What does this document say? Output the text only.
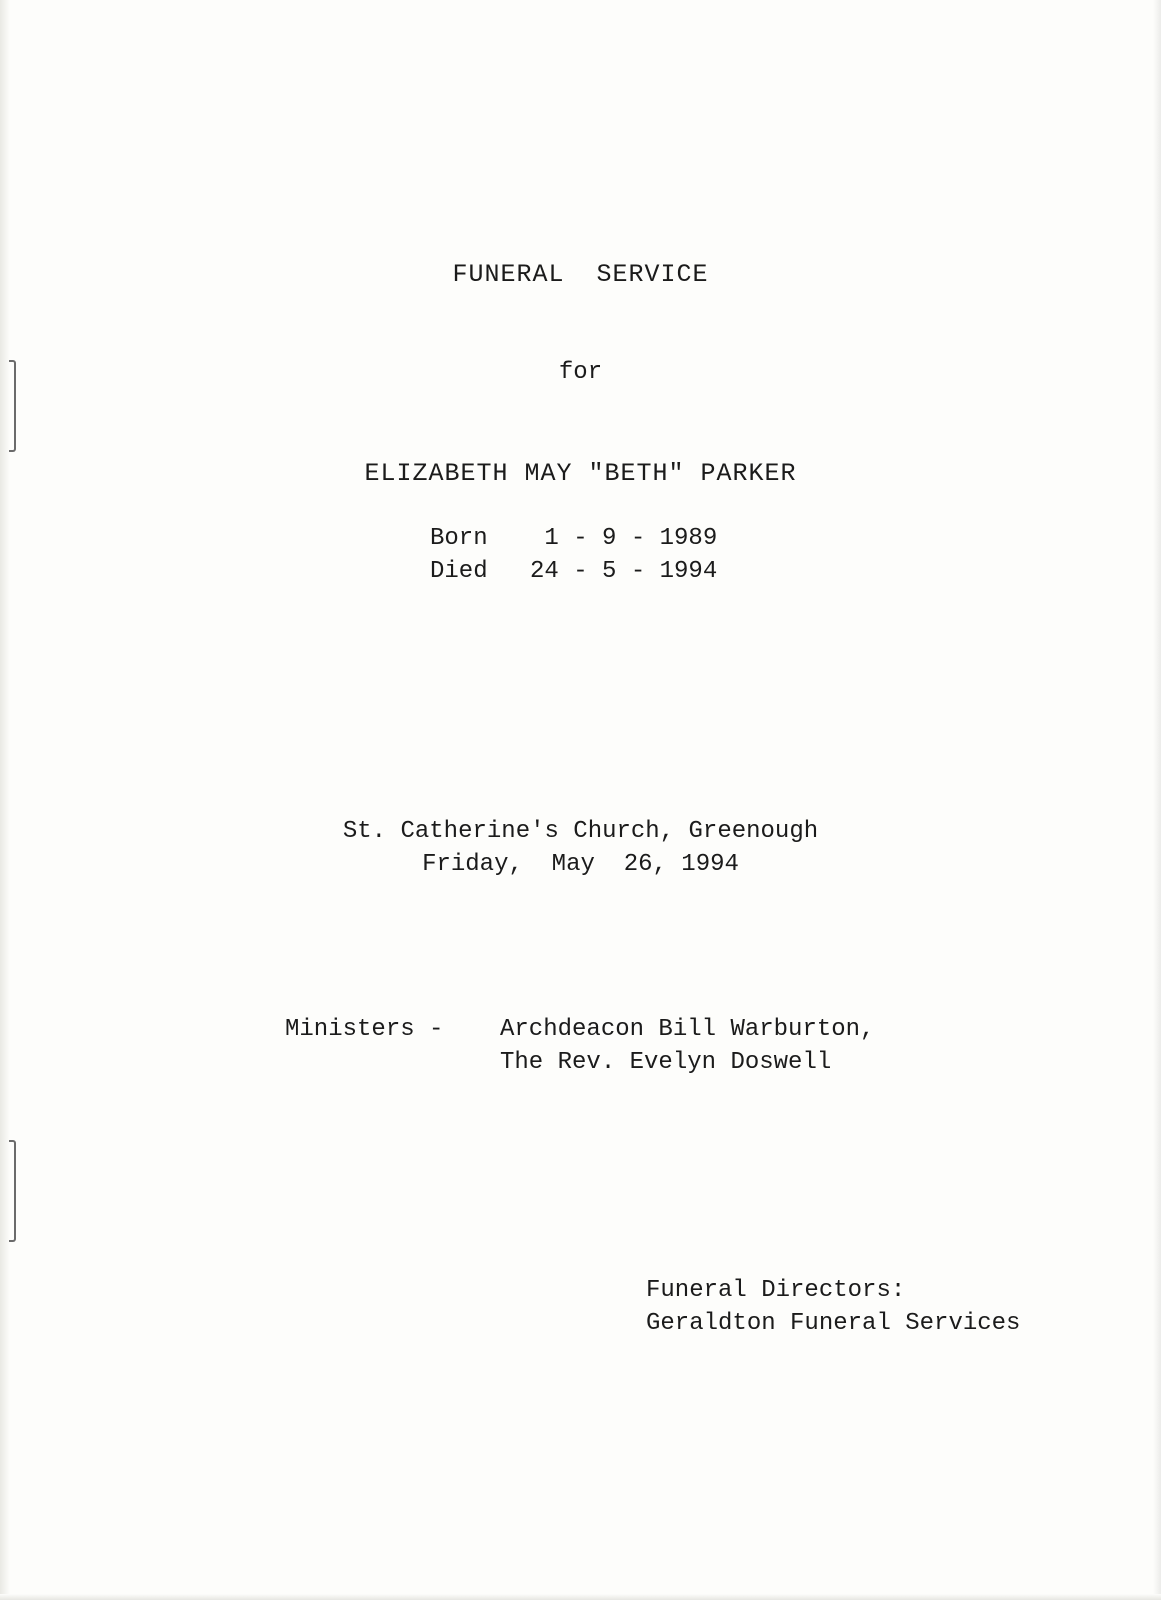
FUNERAL  SERVICE
for
ELIZABETH MAY "BETH" PARKER
Born	1 - 9 - 1989
Died	24 - 5 - 1994
St. Catherine's Church, Greenough
Friday,  May  26, 1994
Ministers -	Archdeacon Bill Warburton,
The Rev. Evelyn Doswell
Funeral Directors:
Geraldton Funeral Services
